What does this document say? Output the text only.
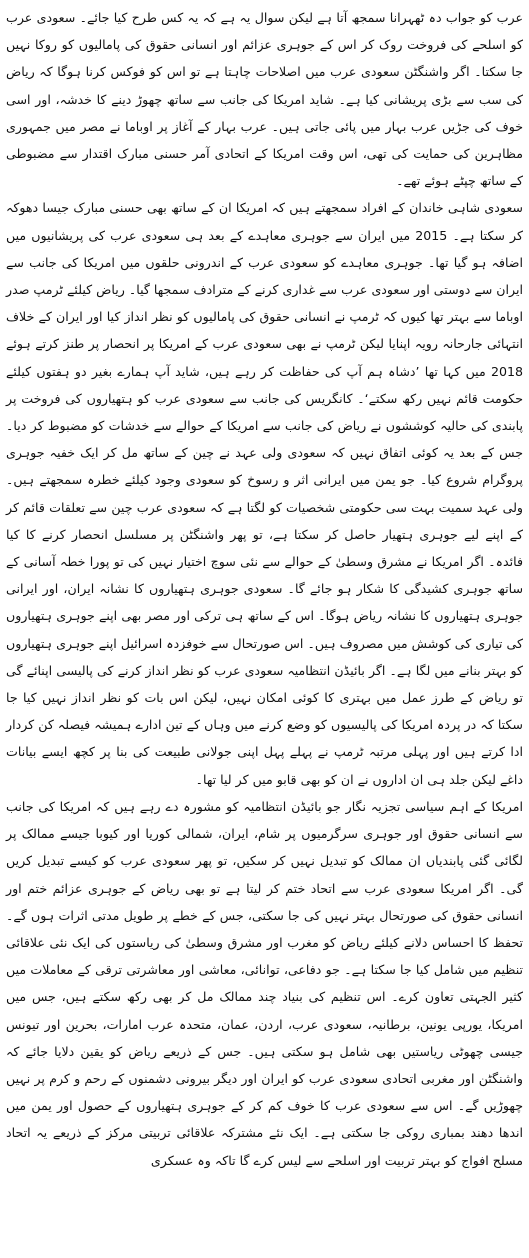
عرب کو جواب دہ ٹھہرانا سمجھ آتا ہے لیکن سوال یہ ہے کہ یہ کس طرح کیا جائے۔ سعودی عرب کو اسلحے کی فروخت روک کر اس کے جوہری عزائم اور انسانی حقوق کی پامالیوں کو روکا نہیں جا سکتا۔ اگر واشنگٹن سعودی عرب میں اصلاحات چاہتا ہے تو اس کو فوکس کرنا ہوگا کہ ریاض کی سب سے بڑی پریشانی کیا ہے۔ شاید امریکا کی جانب سے ساتھ چھوڑ دینے کا خدشہ، اور اسی خوف کی جڑیں عرب بہار میں پائی جاتی ہیں۔ عرب بہار کے آغاز پر اوباما نے مصر میں جمہوری مظاہرین کی حمایت کی تھی، اس وقت امریکا کے اتحادی آمر حسنی مبارک اقتدار سے مضبوطی کے ساتھ چپٹے ہوئے تھے۔

سعودی شاہی خاندان کے افراد سمجھتے ہیں کہ امریکا ان کے ساتھ بھی حسنی مبارک جیسا دھوکہ کر سکتا ہے۔ 2015 میں ایران سے جوہری معاہدے کے بعد ہی سعودی عرب کی پریشانیوں میں اضافہ ہو گیا تھا۔ جوہری معاہدے کو سعودی عرب کے اندرونی حلقوں میں امریکا کی جانب سے ایران سے دوستی اور سعودی عرب سے غداری کرنے کے مترادف سمجھا گیا۔ ریاض کیلئے ٹرمپ صدر اوباما سے بہتر تھا کیوں کہ ٹرمپ نے انسانی حقوق کی پامالیوں کو نظر انداز کیا اور ایران کے خلاف انتہائی جارحانہ رویہ اپنایا لیکن ٹرمپ نے بھی سعودی عرب کے امریکا پر انحصار پر طنز کرتے ہوئے 2018 میں کہا تھا ’دشاہ ہم آپ کی حفاظت کر رہے ہیں، شاید آپ ہمارے بغیر دو ہفتوں کیلئے حکومت قائم نہیں رکھ سکتے‘۔ کانگریس کی جانب سے سعودی عرب کو ہتھیاروں کی فروخت پر پابندی کی حالیہ کوششوں نے ریاض کی جانب سے امریکا کے حوالے سے خدشات کو مضبوط کر دیا۔ جس کے بعد یہ کوئی اتفاق نہیں کہ سعودی ولی عہد نے چین کے ساتھ مل کر ایک خفیہ جوہری پروگرام شروع کیا۔ جو یمن میں ایرانی اثر و رسوخ کو سعودی وجود کیلئے خطرہ سمجھتے ہیں۔ ولی عہد سمیت بہت سی حکومتی شخصیات کو لگتا ہے کہ سعودی عرب چین سے تعلقات قائم کر کے اپنے لیے جوہری ہتھیار حاصل کر سکتا ہے، تو پھر واشنگٹن پر مسلسل انحصار کرنے کا کیا فائدہ۔ اگر امریکا نے مشرق وسطیٰ کے حوالے سے نئی سوچ اختیار نہیں کی تو پورا خطہ آسانی کے ساتھ جوہری کشیدگی کا شکار ہو جائے گا۔ سعودی جوہری ہتھیاروں کا نشانہ ایران، اور ایرانی جوہری ہتھیاروں کا نشانہ ریاض ہوگا۔ اس کے ساتھ ہی ترکی اور مصر بھی اپنے جوہری ہتھیاروں کی تیاری کی کوشش میں مصروف ہیں۔ اس صورتحال سے خوفزدہ اسرائیل اپنے جوہری ہتھیاروں کو بہتر بنانے میں لگا ہے۔ اگر بائیڈن انتظامیہ سعودی عرب کو نظر انداز کرنے کی پالیسی اپنائے گی تو ریاض کے طرز عمل میں بہتری کا کوئی امکان نہیں، لیکن اس بات کو نظر انداز نہیں کیا جا سکتا کہ در پردہ امریکا کی پالیسیوں کو وضع کرنے میں وہاں کے تین ادارے ہمیشہ فیصلہ کن کردار ادا کرتے ہیں اور پہلی مرتبہ ٹرمپ نے پہلے پہل اپنی جولانی طبیعت کی بنا پر کچھ ایسے بیانات داغے لیکن جلد ہی ان اداروں نے ان کو بھی قابو میں کر لیا تھا۔

امریکا کے اہم سیاسی تجزیہ نگار جو بائیڈن انتظامیہ کو مشورہ دے رہے ہیں کہ امریکا کی جانب سے انسانی حقوق اور جوہری سرگرمیوں پر شام، ایران، شمالی کوریا اور کیوبا جیسے ممالک پر لگائی گئی پابندیاں ان ممالک کو تبدیل نہیں کر سکیں، تو پھر سعودی عرب کو کیسے تبدیل کریں گی۔ اگر امریکا سعودی عرب سے اتحاد ختم کر لیتا ہے تو بھی ریاض کے جوہری عزائم ختم اور انسانی حقوق کی صورتحال بہتر نہیں کی جا سکتی، جس کے خطے پر طویل مدتی اثرات ہوں گے۔ تحفظ کا احساس دلانے کیلئے ریاض کو مغرب اور مشرق وسطیٰ کی ریاستوں کی ایک نئی علاقائی تنظیم میں شامل کیا جا سکتا ہے۔ جو دفاعی، توانائی، معاشی اور معاشرتی ترقی کے معاملات میں کثیر الجہتی تعاون کرے۔ اس تنظیم کی بنیاد چند ممالک مل کر بھی رکھ سکتے ہیں، جس میں امریکا، یورپی یونین، برطانیہ، سعودی عرب، اردن، عمان، متحدہ عرب امارات، بحرین اور تیونس جیسی چھوٹی ریاستیں بھی شامل ہو سکتی ہیں۔ جس کے ذریعے ریاض کو یقین دلایا جائے کہ واشنگٹن اور مغربی اتحادی سعودی عرب کو ایران اور دیگر بیرونی دشمنوں کے رحم و کرم پر نہیں چھوڑیں گے۔ اس سے سعودی عرب کا خوف کم کر کے جوہری ہتھیاروں کے حصول اور یمن میں اندھا دھند بمباری روکی جا سکتی ہے۔ ایک نئے مشترکہ علاقائی تربیتی مرکز کے ذریعے یہ اتحاد مسلح افواج کو بہتر تربیت اور اسلحے سے لیس کرے گا تاکہ وہ عسکری
